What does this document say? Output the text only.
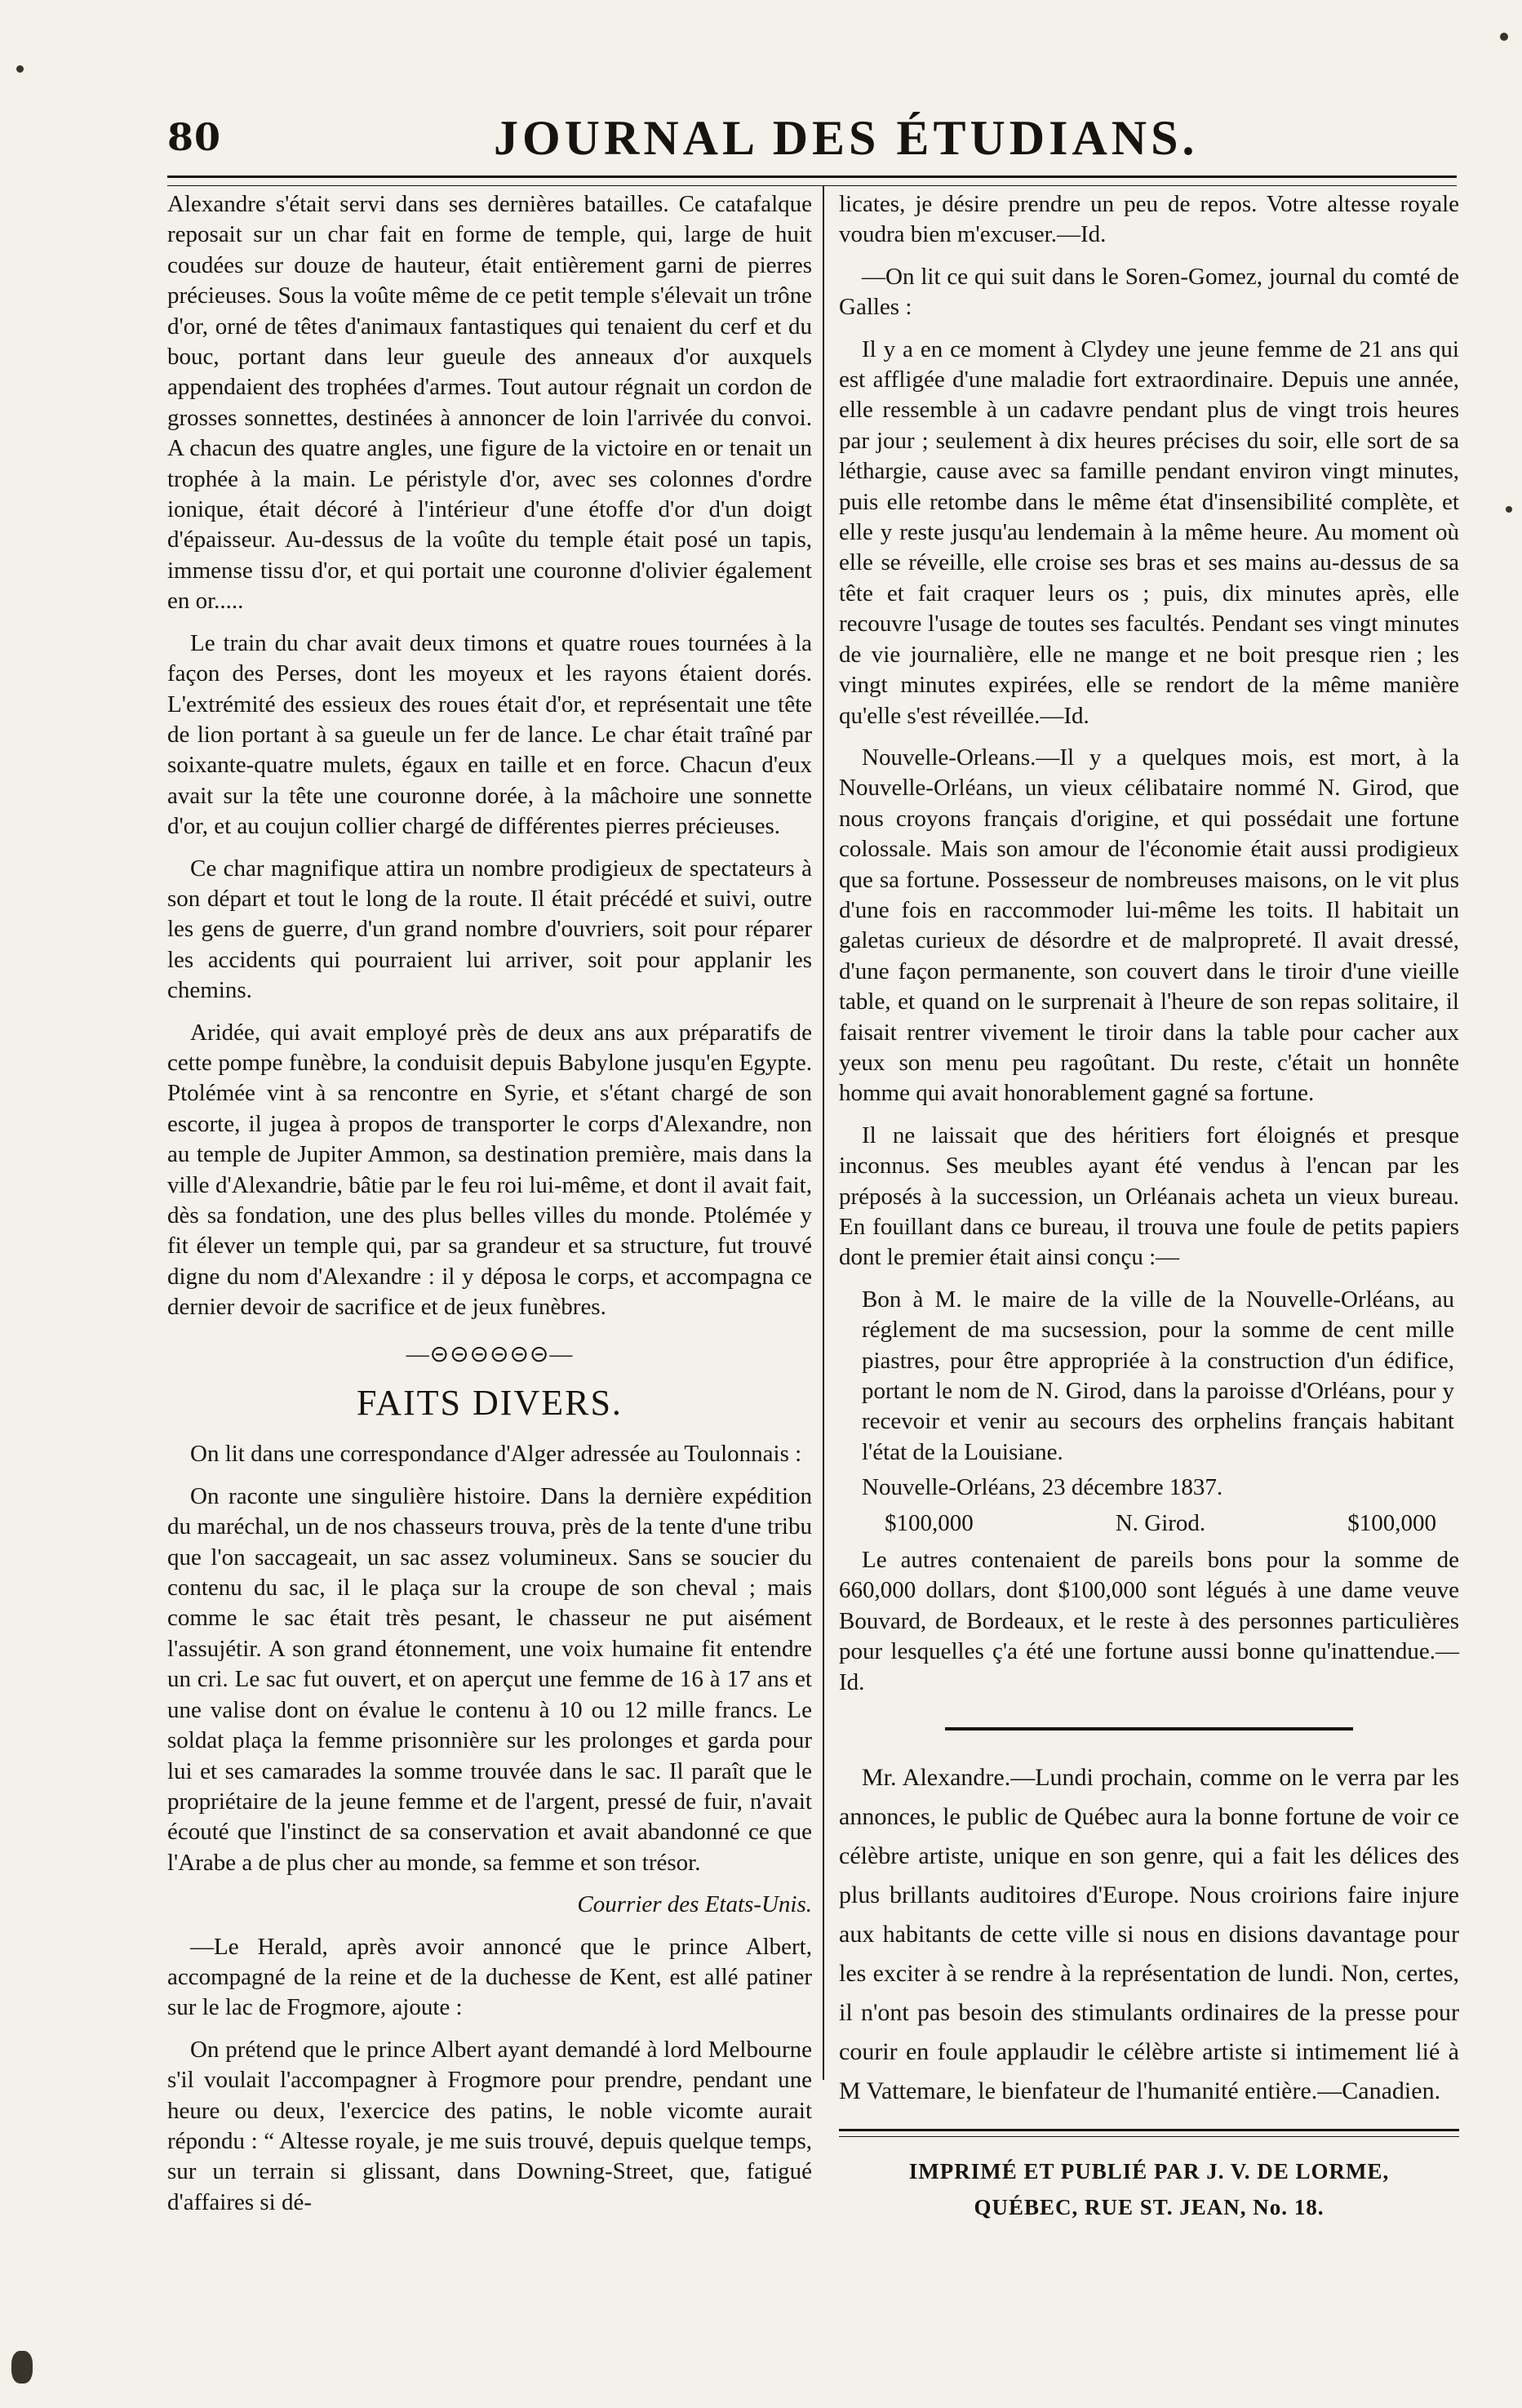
80	JOURNAL DES ÉTUDIANS.

Alexandre s'était servi dans ses dernières batailles. Ce catafalque reposait sur un char fait en forme de temple, qui, large de huit coudées sur douze de hauteur, était entièrement garni de pierres précieuses. Sous la voûte même de ce petit temple s'élevait un trône d'or, orné de têtes d'animaux fantastiques qui tenaient du cerf et du bouc, portant dans leur gueule des anneaux d'or auxquels appendaient des trophées d'armes. Tout autour régnait un cordon de grosses sonnettes, destinées à annoncer de loin l'arrivée du convoi. A chacun des quatre angles, une figure de la victoire en or tenait un trophée à la main. Le péristyle d'or, avec ses colonnes d'ordre ionique, était décoré à l'intérieur d'une étoffe d'or d'un doigt d'épaisseur. Au-dessus de la voûte du temple était posé un tapis, immense tissu d'or, et qui portait une couronne d'olivier également en or.....

Le train du char avait deux timons et quatre roues tournées à la façon des Perses, dont les moyeux et les rayons étaient dorés. L'extrémité des essieux des roues était d'or, et représentait une tête de lion portant à sa gueule un fer de lance. Le char était traîné par soixante-quatre mulets, égaux en taille et en force. Chacun d'eux avait sur la tête une couronne dorée, à la mâchoire une sonnette d'or, et au coujun collier chargé de différentes pierres précieuses.

Ce char magnifique attira un nombre prodigieux de spectateurs à son départ et tout le long de la route. Il était précédé et suivi, outre les gens de guerre, d'un grand nombre d'ouvriers, soit pour réparer les accidents qui pourraient lui arriver, soit pour applanir les chemins.

Aridée, qui avait employé près de deux ans aux préparatifs de cette pompe funèbre, la conduisit depuis Babylone jusqu'en Egypte. Ptolémée vint à sa rencontre en Syrie, et s'étant chargé de son escorte, il jugea à propos de transporter le corps d'Alexandre, non au temple de Jupiter Ammon, sa destination première, mais dans la ville d'Alexandrie, bâtie par le feu roi lui-même, et dont il avait fait, dès sa fondation, une des plus belles villes du monde. Ptolémée y fit élever un temple qui, par sa grandeur et sa structure, fut trouvé digne du nom d'Alexandre : il y déposa le corps, et accompagna ce dernier devoir de sacrifice et de jeux funèbres.

—⊝⊝⊝⊝⊝⊝—
FAITS DIVERS.

On lit dans une correspondance d'Alger adressée au Toulonnais :

On raconte une singulière histoire. Dans la dernière expédition du maréchal, un de nos chasseurs trouva, près de la tente d'une tribu que l'on saccageait, un sac assez volumineux. Sans se soucier du contenu du sac, il le plaça sur la croupe de son cheval ; mais comme le sac était très pesant, le chasseur ne put aisément l'assujétir. A son grand étonnement, une voix humaine fit entendre un cri. Le sac fut ouvert, et on aperçut une femme de 16 à 17 ans et une valise dont on évalue le contenu à 10 ou 12 mille francs. Le soldat plaça la femme prisonnière sur les prolonges et garda pour lui et ses camarades la somme trouvée dans le sac. Il paraît que le propriétaire de la jeune femme et de l'argent, pressé de fuir, n'avait écouté que l'instinct de sa conservation et avait abandonné ce que l'Arabe a de plus cher au monde, sa femme et son trésor.

Courrier des Etats-Unis.

—Le Herald, après avoir annoncé que le prince Albert, accompagné de la reine et de la duchesse de Kent, est allé patiner sur le lac de Frogmore, ajoute :

On prétend que le prince Albert ayant demandé à lord Melbourne s'il voulait l'accompagner à Frogmore pour prendre, pendant une heure ou deux, l'exercice des patins, le noble vicomte aurait répondu : “ Altesse royale, je me suis trouvé, depuis quelque temps, sur un terrain si glissant, dans Downing-Street, que, fatigué d'affaires si dé-

licates, je désire prendre un peu de repos. Votre altesse royale voudra bien m'excuser.—Id.

—On lit ce qui suit dans le Soren-Gomez, journal du comté de Galles :

Il y a en ce moment à Clydey une jeune femme de 21 ans qui est affligée d'une maladie fort extraordinaire. Depuis une année, elle ressemble à un cadavre pendant plus de vingt trois heures par jour ; seulement à dix heures précises du soir, elle sort de sa léthargie, cause avec sa famille pendant environ vingt minutes, puis elle retombe dans le même état d'insensibilité complète, et elle y reste jusqu'au lendemain à la même heure. Au moment où elle se réveille, elle croise ses bras et ses mains au-dessus de sa tête et fait craquer leurs os ; puis, dix minutes après, elle recouvre l'usage de toutes ses facultés. Pendant ses vingt minutes de vie journalière, elle ne mange et ne boit presque rien ; les vingt minutes expirées, elle se rendort de la même manière qu'elle s'est réveillée.—Id.

Nouvelle-Orleans.—Il y a quelques mois, est mort, à la Nouvelle-Orléans, un vieux célibataire nommé N. Girod, que nous croyons français d'origine, et qui possédait une fortune colossale. Mais son amour de l'économie était aussi prodigieux que sa fortune. Possesseur de nombreuses maisons, on le vit plus d'une fois en raccommoder lui-même les toits. Il habitait un galetas curieux de désordre et de malpropreté. Il avait dressé, d'une façon permanente, son couvert dans le tiroir d'une vieille table, et quand on le surprenait à l'heure de son repas solitaire, il faisait rentrer vivement le tiroir dans la table pour cacher aux yeux son menu peu ragoûtant. Du reste, c'était un honnête homme qui avait honorablement gagné sa fortune.

Il ne laissait que des héritiers fort éloignés et presque inconnus. Ses meubles ayant été vendus à l'encan par les préposés à la succession, un Orléanais acheta un vieux bureau. En fouillant dans ce bureau, il trouva une foule de petits papiers dont le premier était ainsi conçu :—

Bon à M. le maire de la ville de la Nouvelle-Orléans, au réglement de ma sucsession, pour la somme de cent mille piastres, pour être appropriée à la construction d'un édifice, portant le nom de N. Girod, dans la paroisse d'Orléans, pour y recevoir et venir au secours des orphelins français habitant l'état de la Louisiane.

Nouvelle-Orléans, 23 décembre 1837.

$100,000	N. Girod.	$100,000

Le autres contenaient de pareils bons pour la somme de 660,000 dollars, dont $100,000 sont légués à une dame veuve Bouvard, de Bordeaux, et le reste à des personnes particulières pour lesquelles ç'a été une fortune aussi bonne qu'inattendue.—Id.

Mr. Alexandre.—Lundi prochain, comme on le verra par les annonces, le public de Québec aura la bonne fortune de voir ce célèbre artiste, unique en son genre, qui a fait les délices des plus brillants auditoires d'Europe. Nous croirions faire injure aux habitants de cette ville si nous en disions davantage pour les exciter à se rendre à la représentation de lundi. Non, certes, il n'ont pas besoin des stimulants ordinaires de la presse pour courir en foule applaudir le célèbre artiste si intimement lié à M Vattemare, le bienfateur de l'humanité entière.—Canadien.

IMPRIMÉ ET PUBLIÉ PAR J. V. DE LORME,
QUÉBEC, RUE ST. JEAN, No. 18.
